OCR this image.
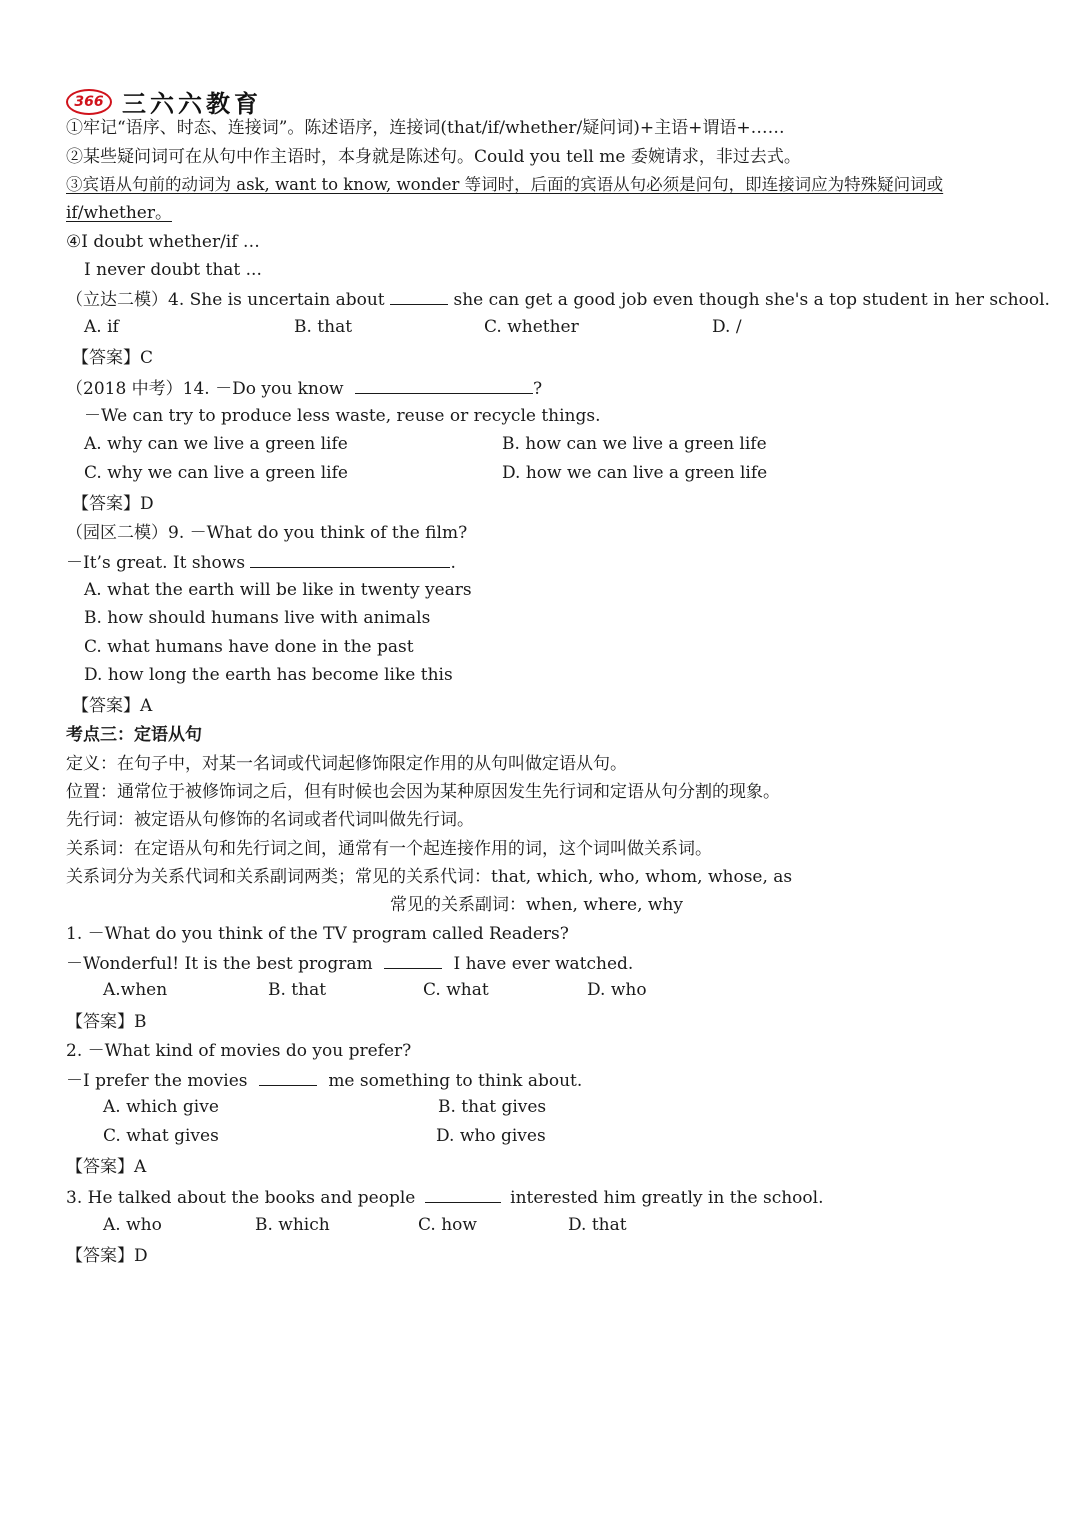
366 三六六教育
①牢记“语序、时态、连接词”。陈述语序，连接词(that/if/whether/疑问词)+主语+谓语+……
②某些疑问词可在从句中作主语时，本身就是陈述句。Could you tell me 委婉请求，非过去式。
③宾语从句前的动词为 ask, want to know, wonder 等词时，后面的宾语从句必须是问句，即连接词应为特殊疑问词或
if/whether。
④I doubt whether/if …
I never doubt that ...
（立达二模）4. She is uncertain about	she can get a good job even though she's a top student in her school.
A. if	B. that	C. whether	D. /
【答案】C
（2018 中考）14. －Do you know	?
－We can try to produce less waste, reuse or recycle things.
A. why can we live a green life	B. how can we live a green life
C. why we can live a green life	D. how we can live a green life
【答案】D
（园区二模）9. －What do you think of the film?
－It’s great. It shows	.
A. what the earth will be like in twenty years
B. how should humans live with animals
C. what humans have done in the past
D. how long the earth has become like this
【答案】A
考点三：定语从句
定义：在句子中，对某一名词或代词起修饰限定作用的从句叫做定语从句。
位置：通常位于被修饰词之后，但有时候也会因为某种原因发生先行词和定语从句分割的现象。
先行词：被定语从句修饰的名词或者代词叫做先行词。
关系词：在定语从句和先行词之间，通常有一个起连接作用的词，这个词叫做关系词。
关系词分为关系代词和关系副词两类；常见的关系代词：that, which, who, whom, whose, as
常见的关系副词：when, where, why
1. －What do you think of the TV program called Readers?
－Wonderful! It is the best program	I have ever watched.
A.when	B. that	C. what	D. who
【答案】B
2. －What kind of movies do you prefer?
－I prefer the movies	me something to think about.
A. which give	B. that gives
C. what gives	D. who gives
【答案】A
3. He talked about the books and people	interested him greatly in the school.
A. who	B. which	C. how	D. that
【答案】D
